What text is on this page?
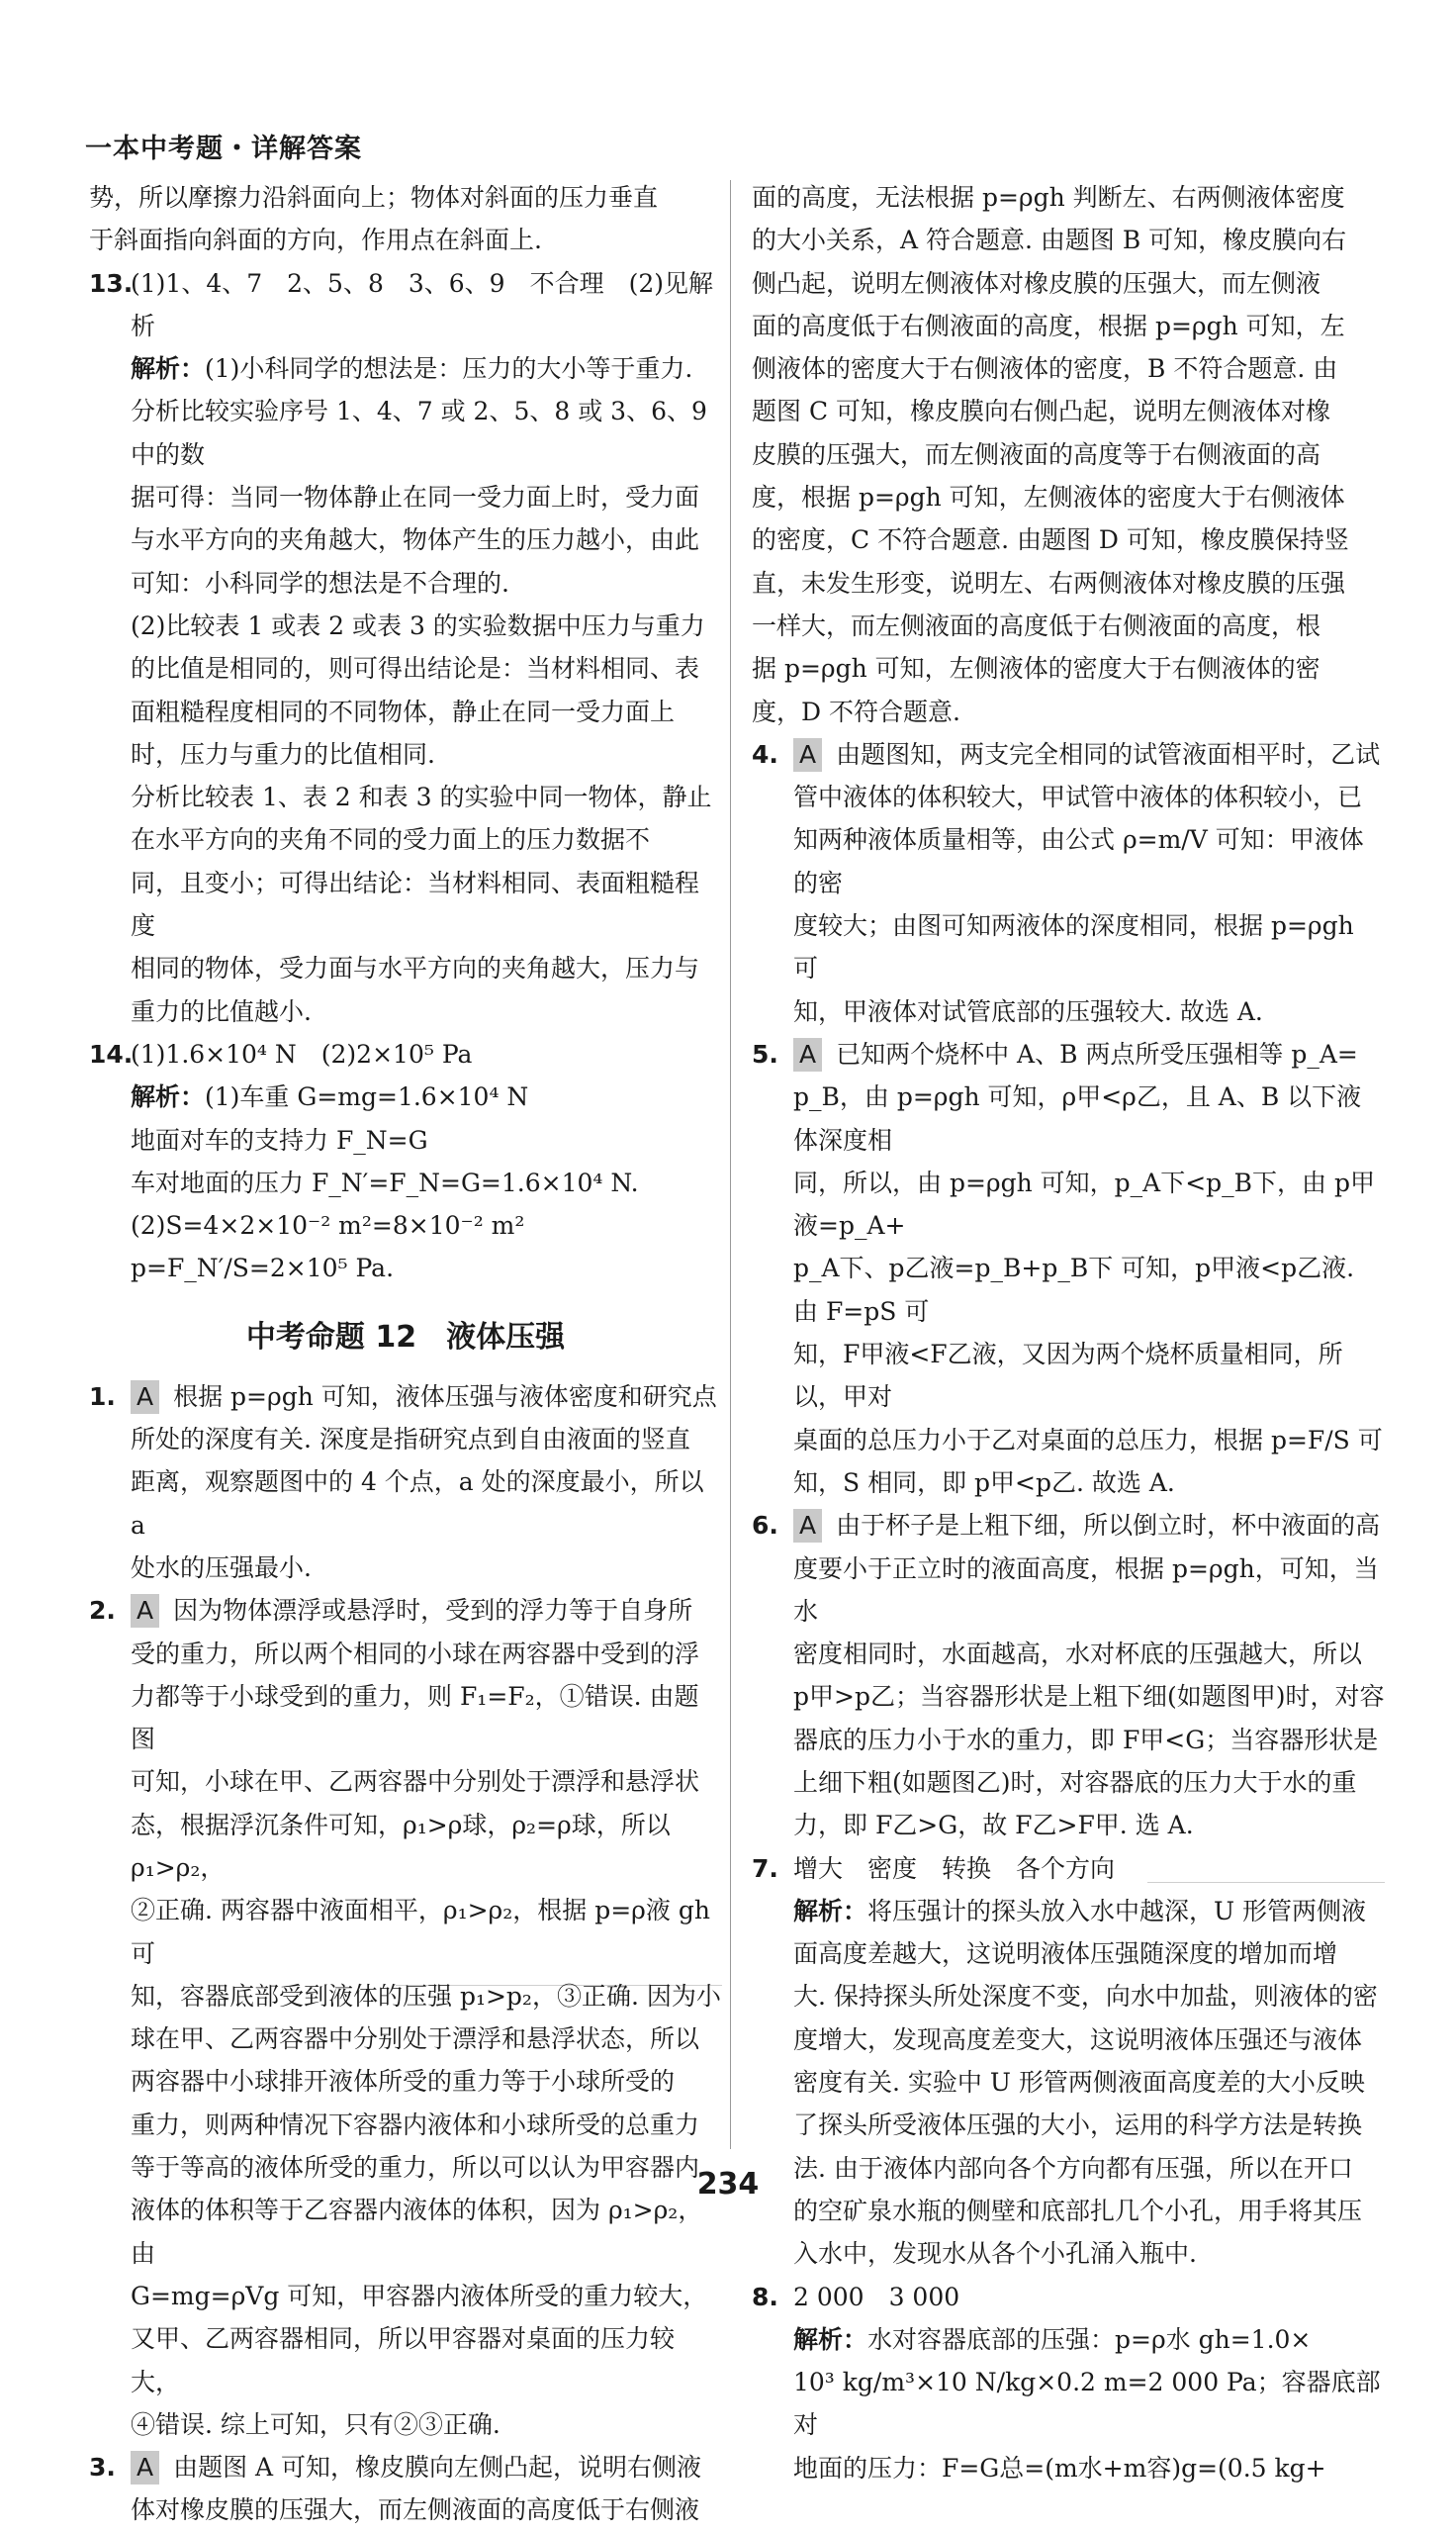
一本中考题・详解答案

势，所以摩擦力沿斜面向上；物体对斜面的压力垂直

于斜面指向斜面的方向，作用点在斜面上.

13.

(1)1、4、7　2、5、8　3、6、9　不合理　(2)见解析

解析：(1)小科同学的想法是：压力的大小等于重力.

分析比较实验序号 1、4、7 或 2、5、8 或 3、6、9 中的数

据可得：当同一物体静止在同一受力面上时，受力面

与水平方向的夹角越大，物体产生的压力越小，由此

可知：小科同学的想法是不合理的.

(2)比较表 1 或表 2 或表 3 的实验数据中压力与重力

的比值是相同的，则可得出结论是：当材料相同、表

面粗糙程度相同的不同物体，静止在同一受力面上

时，压力与重力的比值相同.

分析比较表 1、表 2 和表 3 的实验中同一物体，静止

在水平方向的夹角不同的受力面上的压力数据不

同，且变小；可得出结论：当材料相同、表面粗糙程度

相同的物体，受力面与水平方向的夹角越大，压力与

重力的比值越小.

14.

(1)1.6×10⁴ N　(2)2×10⁵ Pa

解析：(1)车重 G=mg=1.6×10⁴ N

地面对车的支持力 F_N=G

车对地面的压力 F_N′=F_N=G=1.6×10⁴ N.

(2)S=4×2×10⁻² m²=8×10⁻² m²

p=F_N′/S=2×10⁵ Pa.

中考命题 12　液体压强
1. A 根据 p=ρgh 可知，液体压强与液体密度和研究点

所处的深度有关. 深度是指研究点到自由液面的竖直

距离，观察题图中的 4 个点，a 处的深度最小，所以 a

处水的压强最小.

2. A 因为物体漂浮或悬浮时，受到的浮力等于自身所

受的重力，所以两个相同的小球在两容器中受到的浮

力都等于小球受到的重力，则 F₁=F₂，①错误. 由题图

可知，小球在甲、乙两容器中分别处于漂浮和悬浮状

态，根据浮沉条件可知，ρ₁>ρ球，ρ₂=ρ球，所以 ρ₁>ρ₂，

②正确. 两容器中液面相平，ρ₁>ρ₂，根据 p=ρ液 gh 可

知，容器底部受到液体的压强 p₁>p₂，③正确. 因为小

球在甲、乙两容器中分别处于漂浮和悬浮状态，所以

两容器中小球排开液体所受的重力等于小球所受的

重力，则两种情况下容器内液体和小球所受的总重力

等于等高的液体所受的重力，所以可以认为甲容器内

液体的体积等于乙容器内液体的体积，因为 ρ₁>ρ₂，由

G=mg=ρVg 可知，甲容器内液体所受的重力较大，

又甲、乙两容器相同，所以甲容器对桌面的压力较大，

④错误. 综上可知，只有②③正确.

3. A 由题图 A 可知，橡皮膜向左侧凸起，说明右侧液

体对橡皮膜的压强大，而左侧液面的高度低于右侧液

面的高度，无法根据 p=ρgh 判断左、右两侧液体密度

的大小关系，A 符合题意. 由题图 B 可知，橡皮膜向右

侧凸起，说明左侧液体对橡皮膜的压强大，而左侧液

面的高度低于右侧液面的高度，根据 p=ρgh 可知，左

侧液体的密度大于右侧液体的密度，B 不符合题意. 由

题图 C 可知，橡皮膜向右侧凸起，说明左侧液体对橡

皮膜的压强大，而左侧液面的高度等于右侧液面的高

度，根据 p=ρgh 可知，左侧液体的密度大于右侧液体

的密度，C 不符合题意. 由题图 D 可知，橡皮膜保持竖

直，未发生形变，说明左、右两侧液体对橡皮膜的压强

一样大，而左侧液面的高度低于右侧液面的高度，根

据 p=ρgh 可知，左侧液体的密度大于右侧液体的密

度，D 不符合题意.

4. A 由题图知，两支完全相同的试管液面相平时，乙试

管中液体的体积较大，甲试管中液体的体积较小，已

知两种液体质量相等，由公式 ρ=m/V 可知：甲液体的密

度较大；由图可知两液体的深度相同，根据 p=ρgh 可

知，甲液体对试管底部的压强较大. 故选 A.

5. A 已知两个烧杯中 A、B 两点所受压强相等 p_A=

p_B，由 p=ρgh 可知，ρ甲<ρ乙，且 A、B 以下液体深度相

同，所以，由 p=ρgh 可知，p_A下<p_B下，由 p甲液=p_A+

p_A下、p乙液=p_B+p_B下 可知，p甲液<p乙液. 由 F=pS 可

知，F甲液<F乙液，又因为两个烧杯质量相同，所以，甲对

桌面的总压力小于乙对桌面的总压力，根据 p=F/S 可

知，S 相同，即 p甲<p乙. 故选 A.

6. A 由于杯子是上粗下细，所以倒立时，杯中液面的高

度要小于正立时的液面高度，根据 p=ρgh，可知，当水

密度相同时，水面越高，水对杯底的压强越大，所以

p甲>p乙；当容器形状是上粗下细(如题图甲)时，对容

器底的压力小于水的重力，即 F甲<G；当容器形状是

上细下粗(如题图乙)时，对容器底的压力大于水的重

力，即 F乙>G，故 F乙>F甲. 选 A.

7. 增大　密度　转换　各个方向

解析：将压强计的探头放入水中越深，U 形管两侧液

面高度差越大，这说明液体压强随深度的增加而增

大. 保持探头所处深度不变，向水中加盐，则液体的密

度增大，发现高度差变大，这说明液体压强还与液体

密度有关. 实验中 U 形管两侧液面高度差的大小反映

了探头所受液体压强的大小，运用的科学方法是转换

法. 由于液体内部向各个方向都有压强，所以在开口

的空矿泉水瓶的侧壁和底部扎几个小孔，用手将其压

入水中，发现水从各个小孔涌入瓶中.

8. 2 000　3 000

解析：水对容器底部的压强：p=ρ水 gh=1.0×

10³ kg/m³×10 N/kg×0.2 m=2 000 Pa；容器底部对

地面的压力：F=G总=(m水+m容)g=(0.5 kg+

234
